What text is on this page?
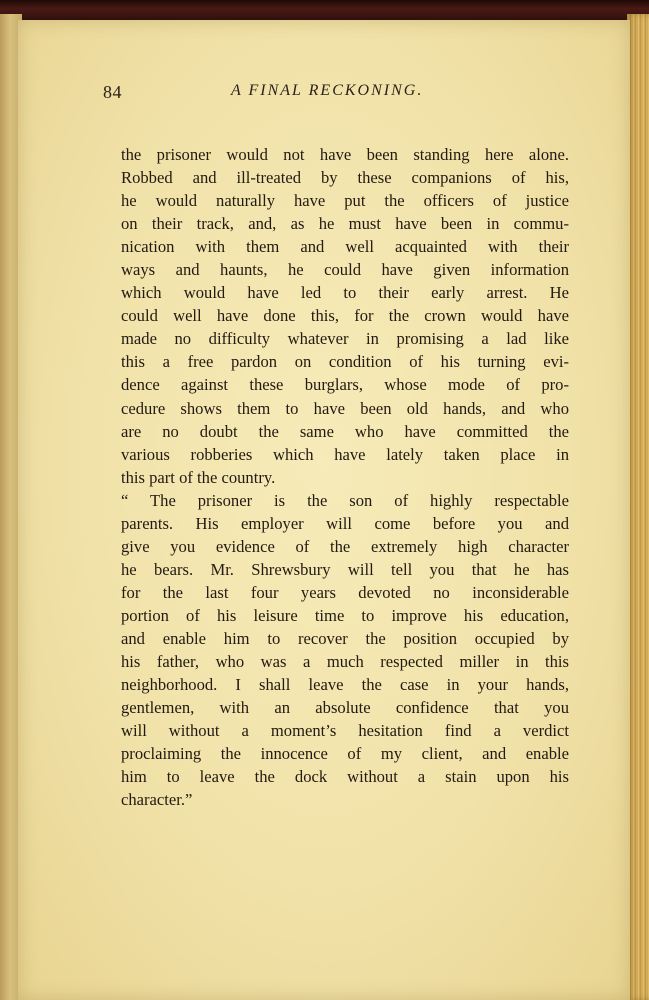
84	A FINAL RECKONING.
the prisoner would not have been standing here alone.
Robbed and ill-treated by these companions of his,
he would naturally have put the officers of justice
on their track, and, as he must have been in commu-
nication with them and well acquainted with their
ways and haunts, he could have given information
which would have led to their early arrest. He
could well have done this, for the crown would have
made no difficulty whatever in promising a lad like
this a free pardon on condition of his turning evi-
dence against these burglars, whose mode of pro-
cedure shows them to have been old hands, and who
are no doubt the same who have committed the
various robberies which have lately taken place in
this part of the country.
“ The prisoner is the son of highly respectable
parents. His employer will come before you and
give you evidence of the extremely high character
he bears. Mr. Shrewsbury will tell you that he has
for the last four years devoted no inconsiderable
portion of his leisure time to improve his education,
and enable him to recover the position occupied by
his father, who was a much respected miller in this
neighborhood. I shall leave the case in your hands,
gentlemen, with an absolute confidence that you
will without a moment’s hesitation find a verdict
proclaiming the innocence of my client, and enable
him to leave the dock without a stain upon his
character.”
